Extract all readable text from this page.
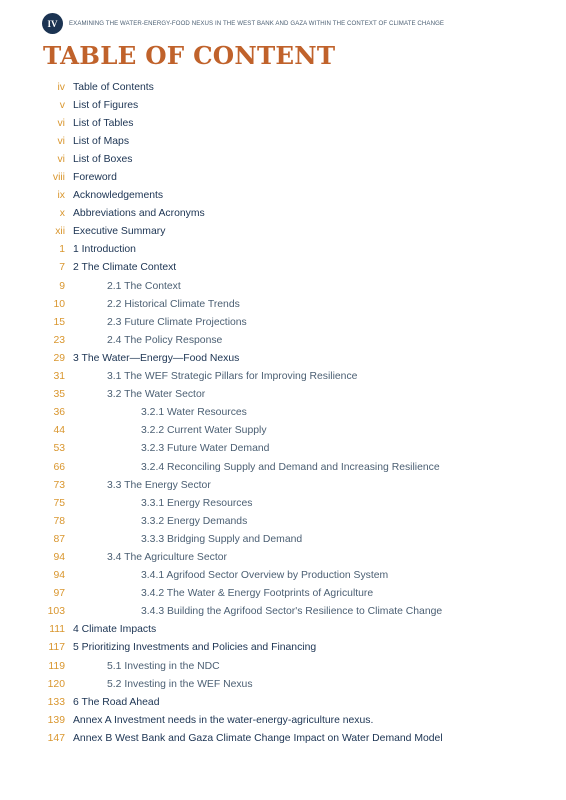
IV	EXAMINING THE WATER-ENERGY-FOOD NEXUS IN THE WEST BANK AND GAZA WITHIN THE CONTEXT OF CLIMATE CHANGE
TABLE OF CONTENT
iv Table of Contents
v List of Figures
vi List of Tables
vi List of Maps
vi List of Boxes
viii Foreword
ix Acknowledgements
x Abbreviations and Acronyms
xii Executive Summary
1 1 Introduction
7 2 The Climate Context
9	2.1 The Context
10	2.2 Historical Climate Trends
15	2.3 Future Climate Projections
23	2.4 The Policy Response
29 3 The Water—Energy—Food Nexus
31	3.1 The WEF Strategic Pillars for Improving Resilience
35	3.2 The Water Sector
36	3.2.1 Water Resources
44	3.2.2 Current Water Supply
53	3.2.3 Future Water Demand
66	3.2.4 Reconciling Supply and Demand and Increasing Resilience
73	3.3 The Energy Sector
75	3.3.1 Energy Resources
78	3.3.2 Energy Demands
87	3.3.3 Bridging Supply and Demand
94	3.4 The Agriculture Sector
94	3.4.1 Agrifood Sector Overview by Production System
97	3.4.2 The Water & Energy Footprints of Agriculture
103	3.4.3 Building the Agrifood Sector's Resilience to Climate Change
111 4 Climate Impacts
117 5 Prioritizing Investments and Policies and Financing
119	5.1 Investing in the NDC
120	5.2 Investing in the WEF Nexus
133 6 The Road Ahead
139 Annex A Investment needs in the water-energy-agriculture nexus.
147 Annex B West Bank and Gaza Climate Change Impact on Water Demand Model
